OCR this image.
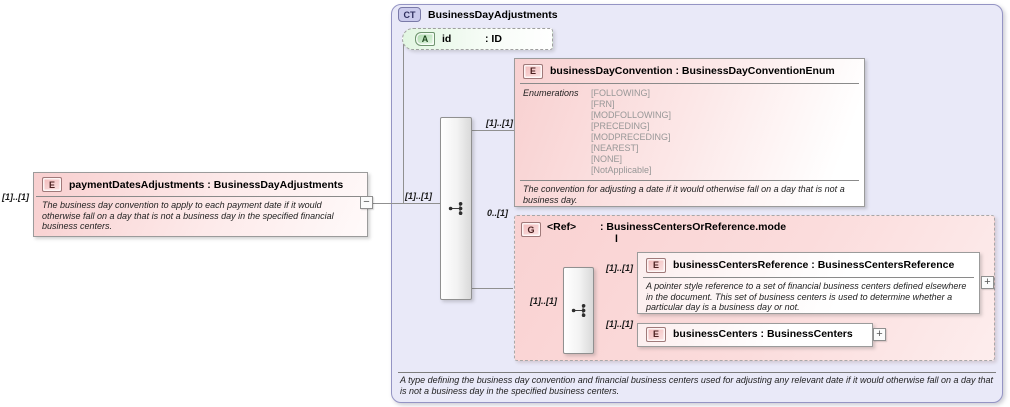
CT	BusinessDayAdjustments
A	id	: ID
G	<Ref>	: BusinessCentersOrReference.mode
l
E	paymentDatesAdjustments : BusinessDayAdjustments
The business day convention to apply to each payment date if it would otherwise fall on a day that is not a business day in the specified financial business centers.
E	businessDayConvention : BusinessDayConventionEnum
Enumerations	[FOLLOWING]
[FRN]
[MODFOLLOWING]
[PRECEDING]
[MODPRECEDING]
[NEAREST]
[NONE]
[NotApplicable]
The convention for adjusting a date if it would otherwise fall on a day that is not a business day.
E	businessCentersReference : BusinessCentersReference
A pointer style reference to a set of financial business centers defined elsewhere in the document. This set of business centers is used to determine whether a particular day is a business day or not.
E	businessCenters : BusinessCenters
A type defining the business day convention and financial business centers used for adjusting any relevant date if it would otherwise fall on a day that is not a business day in the specified business centers.
[1]..[1]	[1]..[1]
[1]..[1]
0..[1]
[1]..[1]
[1]..[1]
[1]..[1]
−
+
+
